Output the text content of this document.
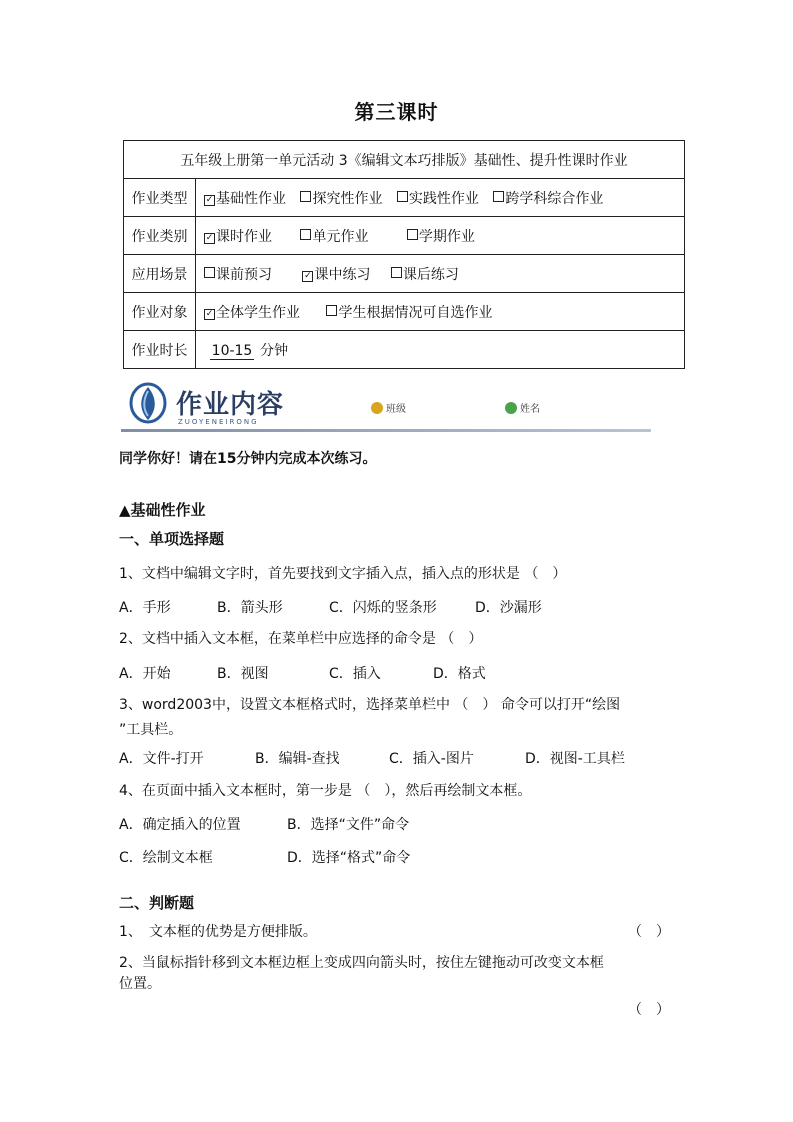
第三课时
五年级上册第一单元活动 3《编辑文本巧排版》基础性、提升性课时作业	
作业类型	✓ 基础性作业 探究性作业 实践性作业 跨学科综合作业
作业类别	✓ 课时作业 单元作业 学期作业
应用场景	课前预习 ✓ 课中练习 课后练习
作业对象	✓ 全体学生作业 学生根据情况可自选作业
作业时长	10-15 分钟
作业内容
ZUOYENEIRONG
班级	姓名
同学你好！请在15分钟内完成本次练习。
▲基础性作业
一、单项选择题
1、文档中编辑文字时，首先要找到文字插入点，插入点的形状是 （　）
A．手形	B．箭头形	C．闪烁的竖条形	D．沙漏形
2、文档中插入文本框，在菜单栏中应选择的命令是 （　）
A．开始	B．视图	C．插入	D．格式
3、word2003中，设置文本框格式时，选择菜单栏中 （　） 命令可以打开“绘图
”工具栏。
A．文件-打开	B．编辑-查找	C．插入-图片	D．视图-工具栏
4、在页面中插入文本框时，第一步是 （　），然后再绘制文本框。
A．确定插入的位置	B．选择“文件”命令
C．绘制文本框	D．选择“格式”命令
二、判断题
1、　文本框的优势是方便排版。	（　）
2、当鼠标指针移到文本框边框上变成四向箭头时，按住左键拖动可改变文本框
位置。
（　）
